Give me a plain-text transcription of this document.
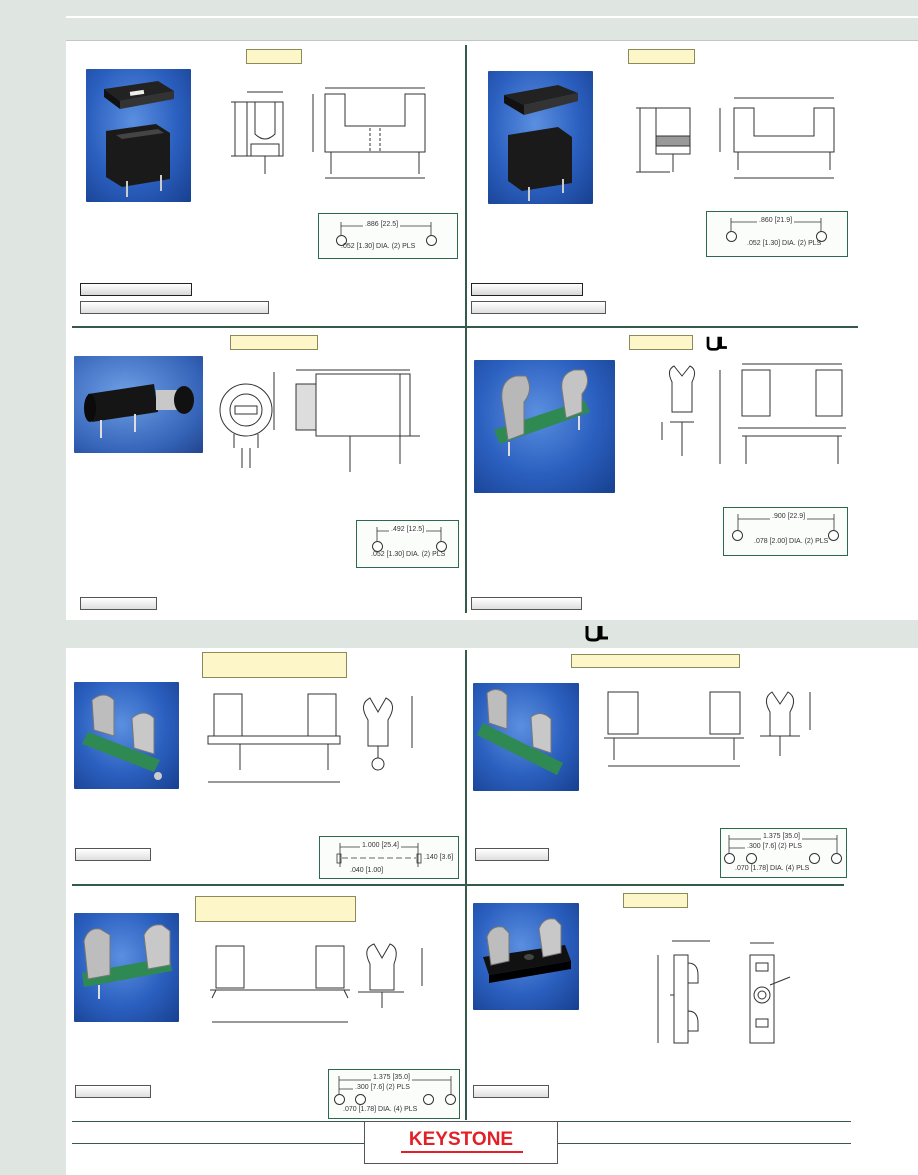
.886 [22.5]
.052 [1.30] DIA. (2) PLS
.860 [21.9]
.052 [1.30] DIA. (2) PLS
.492 [12.5]
.052 [1.30] DIA. (2) PLS
.900 [22.9]
.078 [2.00] DIA. (2) PLS
1.000 [25.4]
.140 [3.6]
.040 [1.00]
1.375 [35.0]
.300 [7.6] (2) PLS
.070 [1.78] DIA. (4) PLS
1.375 [35.0]
.300 [7.6] (2) PLS
.070 [1.78] DIA. (4) PLS
KEYSTONE
